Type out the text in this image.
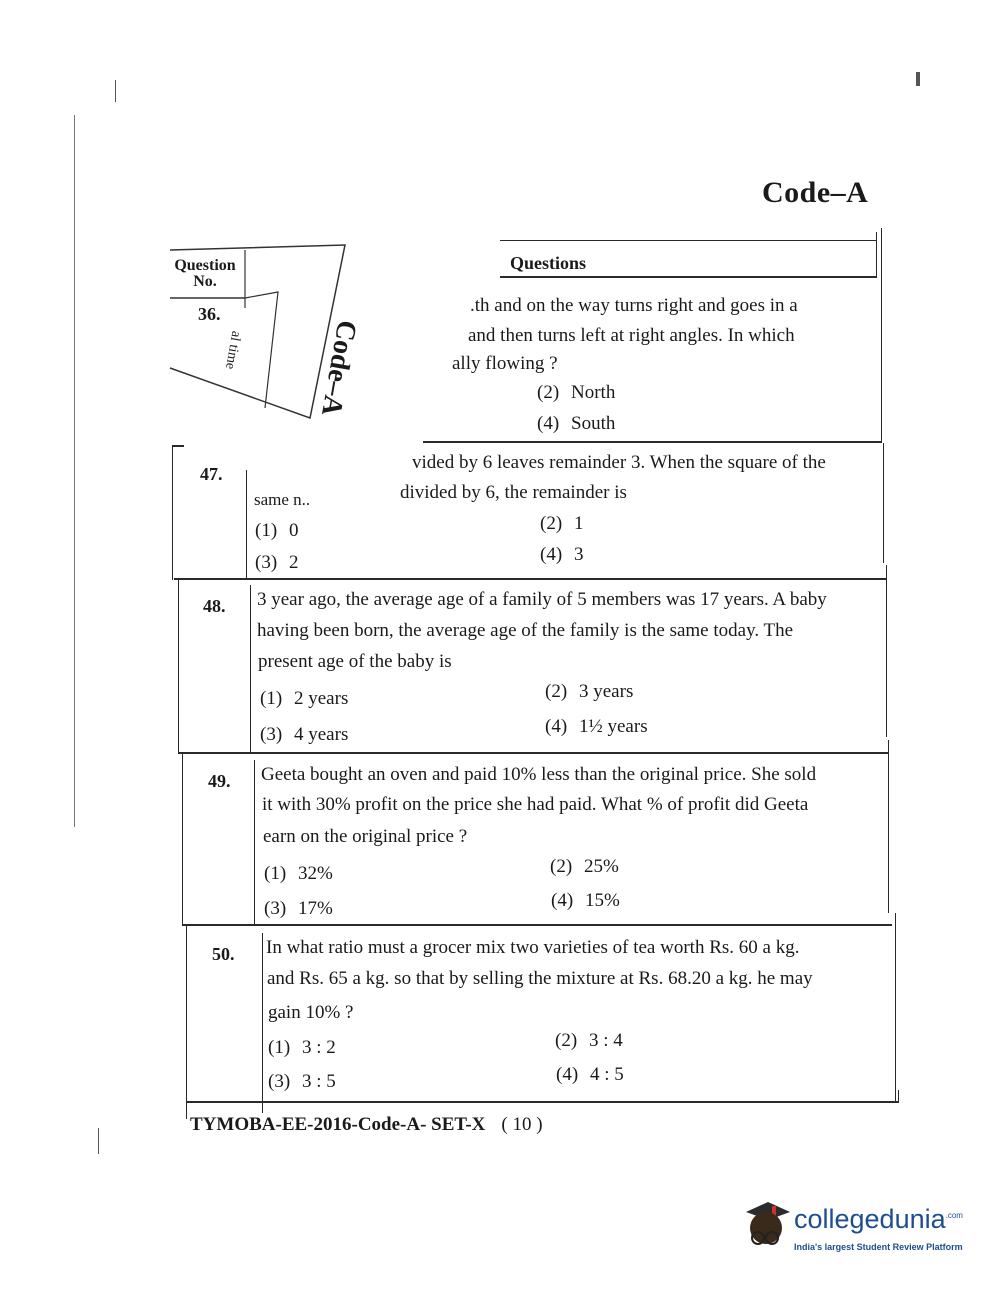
Code–A
Questions
Question No.
36.
al time	Code–A
.th and on the way turns right and goes in a
and then turns left at right angles. In which
ally flowing ?
(2) North
(4) South
47.
vided by 6 leaves remainder 3. When the square of the
divided by 6, the remainder is
same n..
(1) 0	(2) 1
(3) 2	(4) 3
48. 3 year ago, the average age of a family of 5 members was 17 years. A baby
having been born, the average age of the family is the same today. The
present age of the baby is
(1) 2 years	(2) 3 years
(3) 4 years	(4) 1½ years
49. Geeta bought an oven and paid 10% less than the original price. She sold
it with 30% profit on the price she had paid. What % of profit did Geeta
earn on the original price ?
(1) 32%	(2) 25%
(3) 17%	(4) 15%
50. In what ratio must a grocer mix two varieties of tea worth Rs. 60 a kg.
and Rs. 65 a kg. so that by selling the mixture at Rs. 68.20 a kg. he may
gain 10% ?
(1) 3 : 2	(2) 3 : 4
(3) 3 : 5	(4) 4 : 5
TYMOBA-EE-2016-Code-A- SET-X ( 10 )
collegedunia$^{.com}$
India's largest Student Review Platform
